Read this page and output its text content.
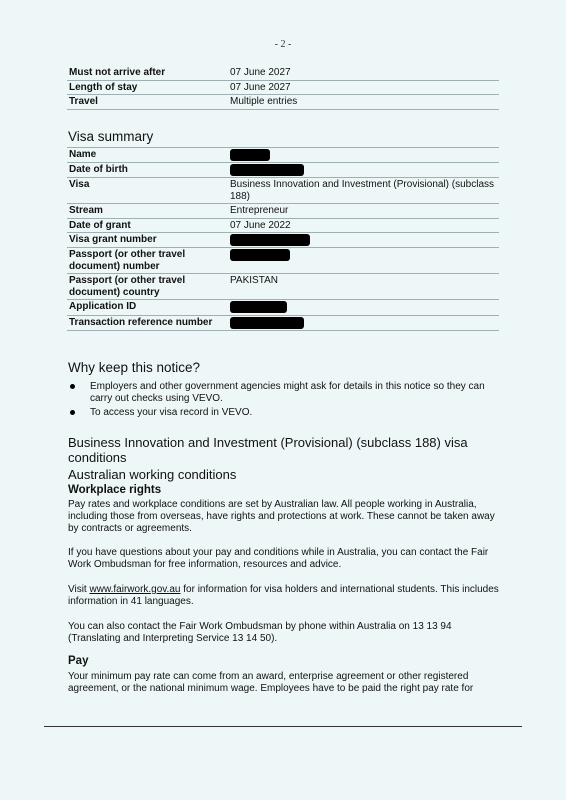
- 2 -
Must not arrive after	07 June 2027
Length of stay	07 June 2027
Travel	Multiple entries
Visa summary
Name	
Date of birth	
Visa	Business Innovation and Investment (Provisional) (subclass 188)
Stream	Entrepreneur
Date of grant	07 June 2022
Visa grant number	
Passport (or other travel document) number	
Passport (or other travel document) country	PAKISTAN
Application ID	
Transaction reference number	
Why keep this notice?
Employers and other government agencies might ask for details in this notice so they can carry out checks using VEVO.
To access your visa record in VEVO.
Business Innovation and Investment (Provisional) (subclass 188) visa conditions
Australian working conditions
Workplace rights

Pay rates and workplace conditions are set by Australian law. All people working in Australia, including those from overseas, have rights and protections at work. These cannot be taken away by contracts or agreements.

If you have questions about your pay and conditions while in Australia, you can contact the Fair Work Ombudsman for free information, resources and advice.

Visit www.fairwork.gov.au for information for visa holders and international students. This includes information in 41 languages.

You can also contact the Fair Work Ombudsman by phone within Australia on 13 13 94 (Translating and Interpreting Service 13 14 50).

Pay

Your minimum pay rate can come from an award, enterprise agreement or other registered agreement, or the national minimum wage. Employees have to be paid the right pay rate for
